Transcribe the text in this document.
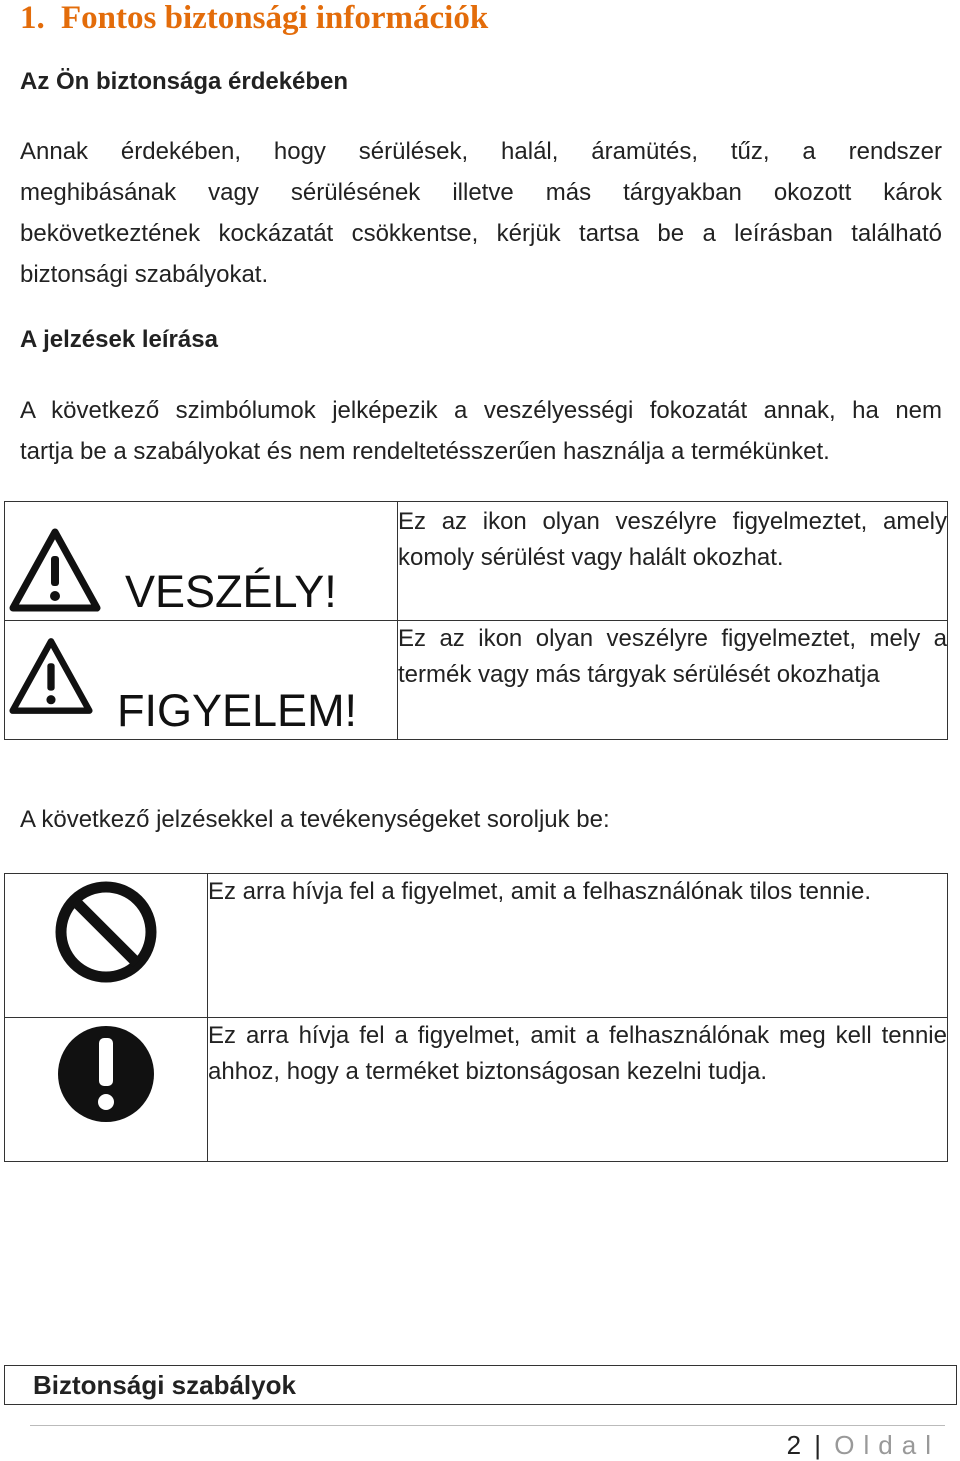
1. Fontos biztonsági információk
Az Ön biztonsága érdekében
Annak érdekében, hogy sérülések, halál, áramütés, tűz, a rendszer
meghibásának vagy sérülésének illetve más tárgyakban okozott károk
bekövetkeztének kockázatát csökkentse, kérjük tartsa be a leírásban található
biztonsági szabályokat.
A jelzések leírása
A következő szimbólumok jelképezik a veszélyességi fokozatát annak, ha nem
tartja be a szabályokat és nem rendeltetésszerűen használja a termékünket.
VESZÉLY!	Ez az ikon olyan veszélyre figyelmeztet, amely komoly sérülést vagy halált okozhat.

FIGYELEM!	Ez az ikon olyan veszélyre figyelmeztet, mely a termék vagy más tárgyak sérülését okozhatja
A következő jelzésekkel a tevékenységeket soroljuk be:
	Ez arra hívja fel a figyelmet, amit a felhasználónak tilos tennie.

	Ez arra hívja fel a figyelmet, amit a felhasználónak meg kell tennie ahhoz, hogy a terméket biztonságosan kezelni tudja.
Biztonsági szabályok
2 | Oldal
